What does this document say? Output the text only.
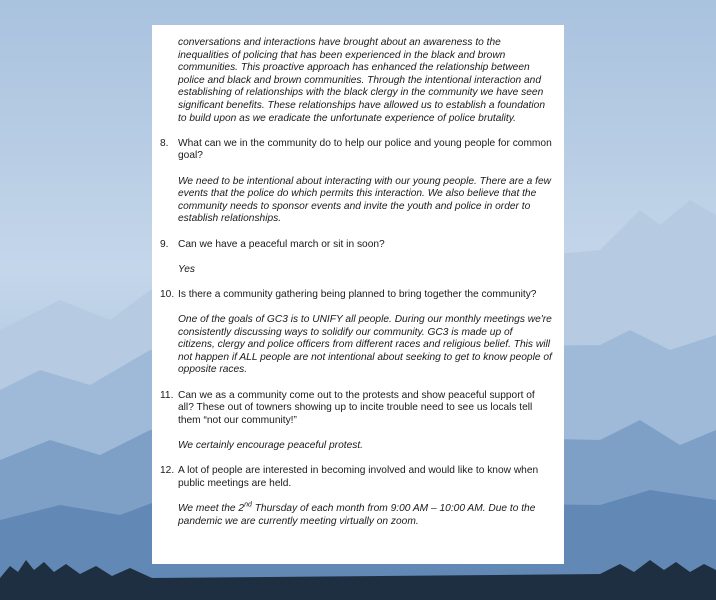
conversations and interactions have brought about an awareness to the inequalities of policing that has been experienced in the black and brown communities. This proactive approach has enhanced the relationship between police and black and brown communities. Through the intentional interaction and establishing of relationships with the black clergy in the community we have seen significant benefits. These relationships have allowed us to establish a foundation to build upon as we eradicate the unfortunate experience of police brutality.

8. What can we in the community do to help our police and young people for common goal?

We need to be intentional about interacting with our young people. There are a few events that the police do which permits this interaction. We also believe that the community needs to sponsor events and invite the youth and police in order to establish relationships.

9. Can we have a peaceful march or sit in soon?

Yes

10. Is there a community gathering being planned to bring together the community?

One of the goals of GC3 is to UNIFY all people. During our monthly meetings we're consistently discussing ways to solidify our community. GC3 is made up of citizens, clergy and police officers from different races and religious belief. This will not happen if ALL people are not intentional about seeking to get to know people of opposite races.

11. Can we as a community come out to the protests and show peaceful support of all? These out of towners showing up to incite trouble need to see us locals tell them “not our community!”

We certainly encourage peaceful protest.

12. A lot of people are interested in becoming involved and would like to know when public meetings are held.

We meet the 2nd Thursday of each month from 9:00 AM – 10:00 AM. Due to the pandemic we are currently meeting virtually on zoom.
